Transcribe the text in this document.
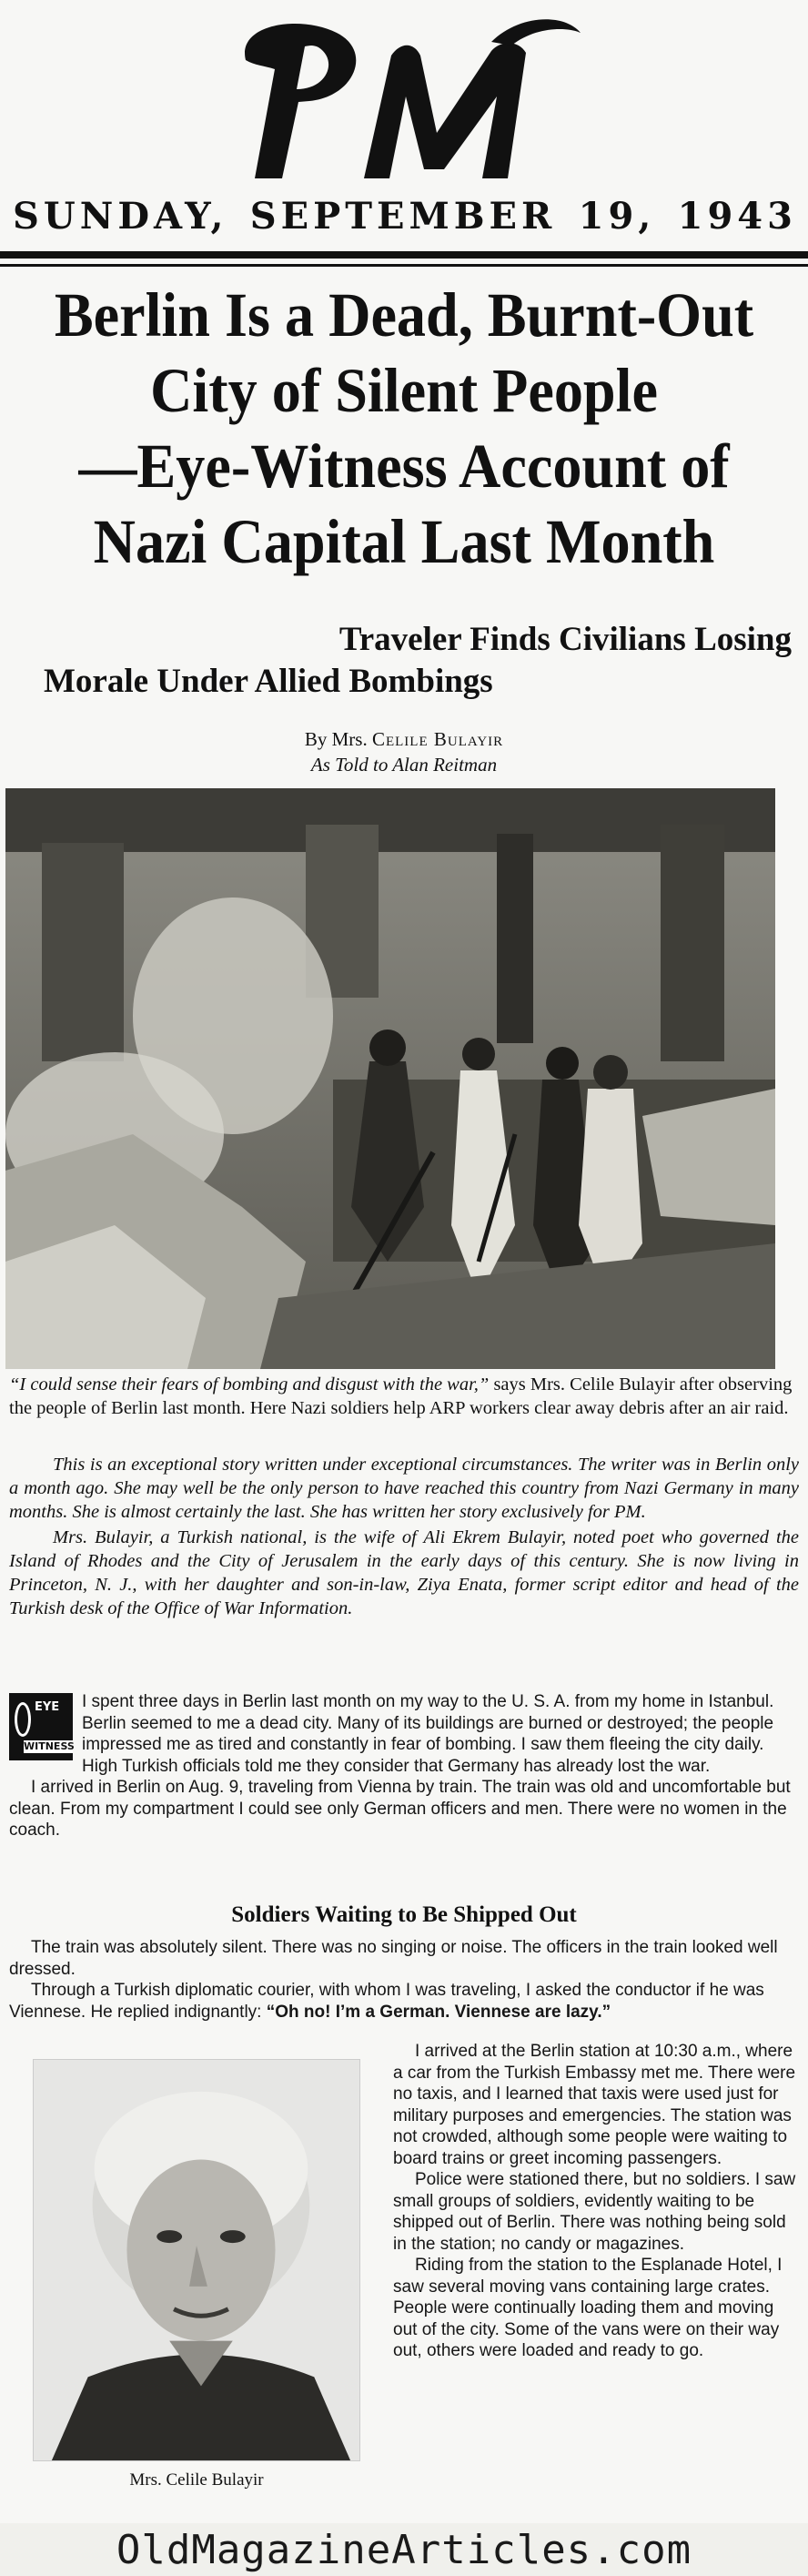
SUNDAY, SEPTEMBER 19, 1943
Berlin Is a Dead, Burnt-Out
City of Silent People
—Eye-Witness Account of
Nazi Capital Last Month
Traveler Finds Civilians Losing
Morale Under Allied Bombings
By Mrs. Celile Bulayir
As Told to Alan Reitman

“I could sense their fears of bombing and disgust with the war,” says Mrs. Celile Bulayir after observing the people of Berlin last month. Here Nazi soldiers help ARP workers clear away debris after an air raid.

This is an exceptional story written under exceptional circumstances. The writer was in Berlin only a month ago. She may well be the only person to have reached this country from Nazi Germany in many months. She is almost certainly the last. She has written her story exclusively for PM.

Mrs. Bulayir, a Turkish national, is the wife of Ali Ekrem Bulayir, noted poet who governed the Island of Rhodes and the City of Jerusalem in the early days of this century. She is now living in Princeton, N. J., with her daughter and son-in-law, Ziya Enata, former script editor and head of the Turkish desk of the Office of War Information.

EYE
WITNESS

I spent three days in Berlin last month on my way to the U. S. A. from my home in Istanbul.

Berlin seemed to me a dead city. Many of its buildings are burned or destroyed; the people impressed me as tired and constantly in fear of bombing. I saw them fleeing the city daily. High Turkish officials told me they consider that Germany has already lost the war.

I arrived in Berlin on Aug. 9, traveling from Vienna by train. The train was old and uncomfortable but clean. From my compartment I could see only German officers and men. There were no women in the coach.

Soldiers Waiting to Be Shipped Out

The train was absolutely silent. There was no singing or noise. The officers in the train looked well dressed.

Through a Turkish diplomatic courier, with whom I was traveling, I asked the conductor if he was Viennese. He replied indignantly: “Oh no! I’m a German. Viennese are lazy.”

Mrs. Celile Bulayir

I arrived at the Berlin station at 10:30 a.m., where a car from the Turkish Embassy met me. There were no taxis, and I learned that taxis were used just for military purposes and emergencies. The station was not crowded, although some people were waiting to board trains or greet incoming passengers.

Police were stationed there, but no soldiers. I saw small groups of soldiers, evidently waiting to be shipped out of Berlin. There was nothing being sold in the station; no candy or magazines.

Riding from the station to the Esplanade Hotel, I saw several moving vans containing large crates. People were continually loading them and moving out of the city. Some of the vans were on their way out, others were loaded and ready to go.

OldMagazineArticles.com
